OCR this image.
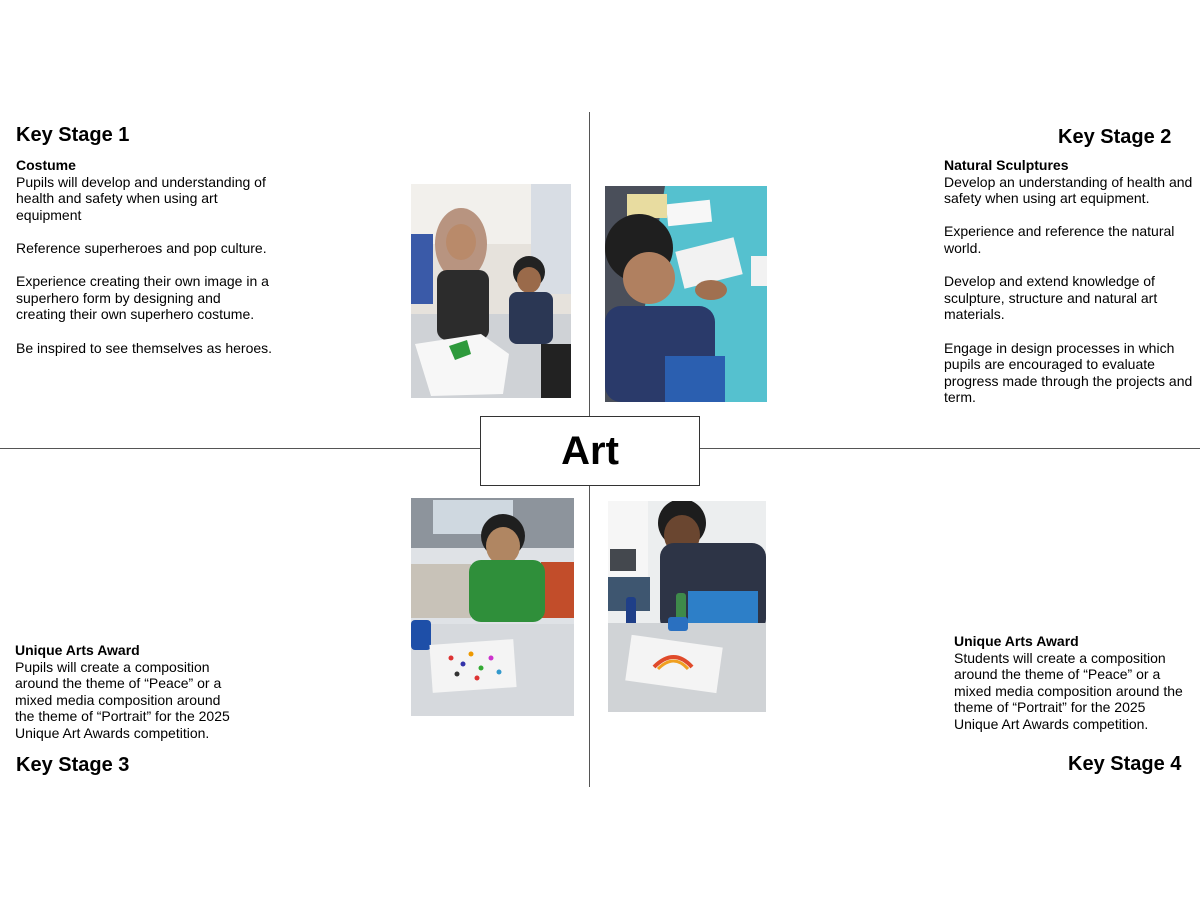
Art
Key Stage 1
Costume

Pupils will develop and understanding of health and safety when using art equipment

Reference superheroes and pop culture.

Experience creating their own image in a superhero form by designing and creating their own superhero costume.

Be inspired to see themselves as heroes.

Key Stage 2
Natural Sculptures

Develop an understanding of health and safety when using art equipment.

Experience and reference the natural world.

Develop and extend knowledge of sculpture, structure and natural art materials.

Engage in design processes in which pupils are encouraged to evaluate progress made through the projects and term.

Unique Arts Award

Pupils will create a composition around the theme of “Peace” or a mixed media composition around the theme of “Portrait” for the 2025 Unique Art Awards competition.

Key Stage 3
Unique Arts Award

Students will create a composition around the theme of “Peace” or a mixed media composition around the theme of “Portrait” for the 2025 Unique Art Awards competition.

Key Stage 4
